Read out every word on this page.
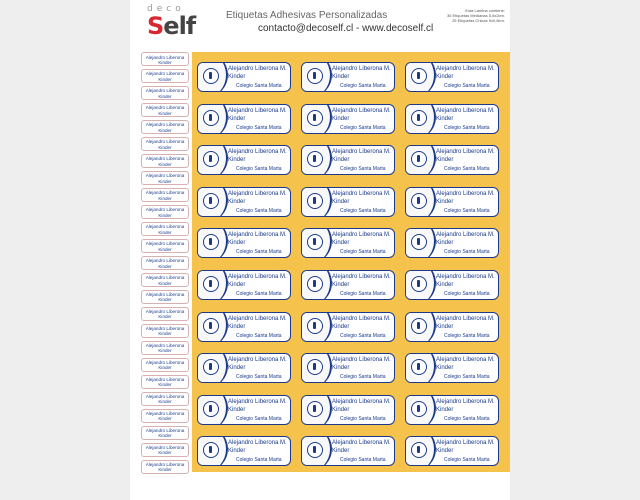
deco
Self	Etiquetas Adhesivas Personalizadas
contacto@decoself.cl - www.decoself.cl
Esta Lámina contiene:
30 Etiquetas Medianas 5,5x2cm.
25 Etiquetas Chicas 5x0,8cm.
Alejandro Liberona
Kinder
Alejandro Liberona
Kinder
Alejandro Liberona
Kinder
Alejandro Liberona
Kinder
Alejandro Liberona
Kinder
Alejandro Liberona
Kinder
Alejandro Liberona
Kinder
Alejandro Liberona
Kinder
Alejandro Liberona
Kinder
Alejandro Liberona
Kinder
Alejandro Liberona
Kinder
Alejandro Liberona
Kinder
Alejandro Liberona
Kinder
Alejandro Liberona
Kinder
Alejandro Liberona
Kinder
Alejandro Liberona
Kinder
Alejandro Liberona
Kinder
Alejandro Liberona
Kinder
Alejandro Liberona
Kinder
Alejandro Liberona
Kinder
Alejandro Liberona
Kinder
Alejandro Liberona
Kinder
Alejandro Liberona
Kinder
Alejandro Liberona
Kinder
Alejandro Liberona
Kinder
Alejandro Liberona M.
Kinder
Colegio Santa Marta
Alejandro Liberona M.
Kinder
Colegio Santa Marta
Alejandro Liberona M.
Kinder
Colegio Santa Marta
Alejandro Liberona M.
Kinder
Colegio Santa Marta
Alejandro Liberona M.
Kinder
Colegio Santa Marta
Alejandro Liberona M.
Kinder
Colegio Santa Marta
Alejandro Liberona M.
Kinder
Colegio Santa Marta
Alejandro Liberona M.
Kinder
Colegio Santa Marta
Alejandro Liberona M.
Kinder
Colegio Santa Marta
Alejandro Liberona M.
Kinder
Colegio Santa Marta
Alejandro Liberona M.
Kinder
Colegio Santa Marta
Alejandro Liberona M.
Kinder
Colegio Santa Marta
Alejandro Liberona M.
Kinder
Colegio Santa Marta
Alejandro Liberona M.
Kinder
Colegio Santa Marta
Alejandro Liberona M.
Kinder
Colegio Santa Marta
Alejandro Liberona M.
Kinder
Colegio Santa Marta
Alejandro Liberona M.
Kinder
Colegio Santa Marta
Alejandro Liberona M.
Kinder
Colegio Santa Marta
Alejandro Liberona M.
Kinder
Colegio Santa Marta
Alejandro Liberona M.
Kinder
Colegio Santa Marta
Alejandro Liberona M.
Kinder
Colegio Santa Marta
Alejandro Liberona M.
Kinder
Colegio Santa Marta
Alejandro Liberona M.
Kinder
Colegio Santa Marta
Alejandro Liberona M.
Kinder
Colegio Santa Marta
Alejandro Liberona M.
Kinder
Colegio Santa Marta
Alejandro Liberona M.
Kinder
Colegio Santa Marta
Alejandro Liberona M.
Kinder
Colegio Santa Marta
Alejandro Liberona M.
Kinder
Colegio Santa Marta
Alejandro Liberona M.
Kinder
Colegio Santa Marta
Alejandro Liberona M.
Kinder
Colegio Santa Marta
